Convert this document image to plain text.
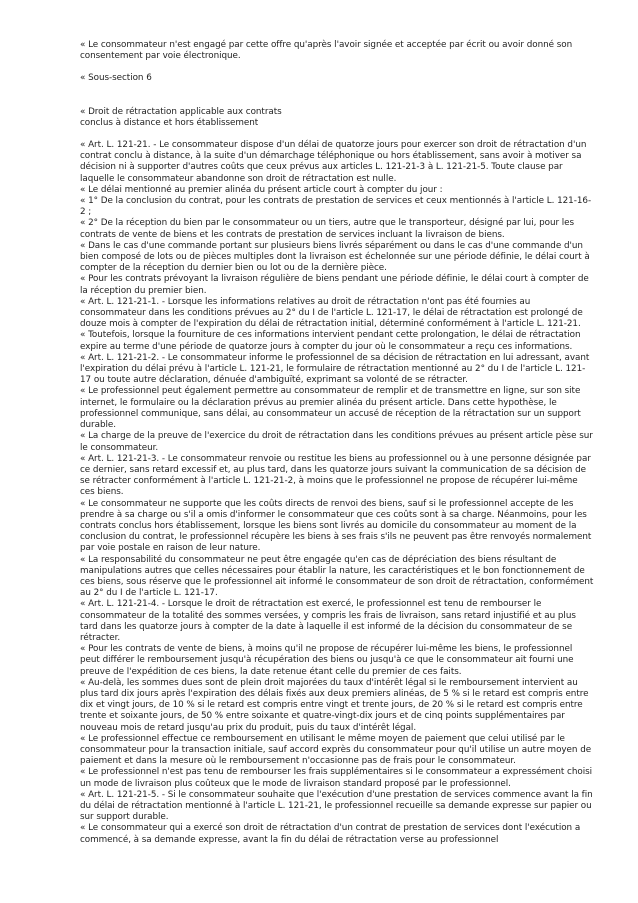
« Le consommateur n'est engagé par cette offre qu'après l'avoir signée et acceptée par écrit ou avoir donné son consentement par voie électronique.

« Sous-section 6

« Droit de rétractation applicable aux contrats conclus à distance et hors établissement

« Art. L. 121-21. - Le consommateur dispose d'un délai de quatorze jours pour exercer son droit de rétractation d'un contrat conclu à distance, à la suite d'un démarchage téléphonique ou hors établissement, sans avoir à motiver sa décision ni à supporter d'autres coûts que ceux prévus aux articles L. 121-21-3 à L. 121-21-5. Toute clause par laquelle le consommateur abandonne son droit de rétractation est nulle.

« Le délai mentionné au premier alinéa du présent article court à compter du jour :

« 1° De la conclusion du contrat, pour les contrats de prestation de services et ceux mentionnés à l'article L. 121-16-2 ;

« 2° De la réception du bien par le consommateur ou un tiers, autre que le transporteur, désigné par lui, pour les contrats de vente de biens et les contrats de prestation de services incluant la livraison de biens.

« Dans le cas d'une commande portant sur plusieurs biens livrés séparément ou dans le cas d'une commande d'un bien composé de lots ou de pièces multiples dont la livraison est échelonnée sur une période définie, le délai court à compter de la réception du dernier bien ou lot ou de la dernière pièce.

« Pour les contrats prévoyant la livraison régulière de biens pendant une période définie, le délai court à compter de la réception du premier bien.

« Art. L. 121-21-1. - Lorsque les informations relatives au droit de rétractation n'ont pas été fournies au consommateur dans les conditions prévues au 2° du I de l'article L. 121-17, le délai de rétractation est prolongé de douze mois à compter de l'expiration du délai de rétractation initial, déterminé conformément à l'article L. 121-21.

« Toutefois, lorsque la fourniture de ces informations intervient pendant cette prolongation, le délai de rétractation expire au terme d'une période de quatorze jours à compter du jour où le consommateur a reçu ces informations.

« Art. L. 121-21-2. - Le consommateur informe le professionnel de sa décision de rétractation en lui adressant, avant l'expiration du délai prévu à l'article L. 121-21, le formulaire de rétractation mentionné au 2° du I de l'article L. 121-17 ou toute autre déclaration, dénuée d'ambiguïté, exprimant sa volonté de se rétracter.

« Le professionnel peut également permettre au consommateur de remplir et de transmettre en ligne, sur son site internet, le formulaire ou la déclaration prévus au premier alinéa du présent article. Dans cette hypothèse, le professionnel communique, sans délai, au consommateur un accusé de réception de la rétractation sur un support durable.

« La charge de la preuve de l'exercice du droit de rétractation dans les conditions prévues au présent article pèse sur le consommateur.

« Art. L. 121-21-3. - Le consommateur renvoie ou restitue les biens au professionnel ou à une personne désignée par ce dernier, sans retard excessif et, au plus tard, dans les quatorze jours suivant la communication de sa décision de se rétracter conformément à l'article L. 121-21-2, à moins que le professionnel ne propose de récupérer lui-même ces biens.

« Le consommateur ne supporte que les coûts directs de renvoi des biens, sauf si le professionnel accepte de les prendre à sa charge ou s'il a omis d'informer le consommateur que ces coûts sont à sa charge. Néanmoins, pour les contrats conclus hors établissement, lorsque les biens sont livrés au domicile du consommateur au moment de la conclusion du contrat, le professionnel récupère les biens à ses frais s'ils ne peuvent pas être renvoyés normalement par voie postale en raison de leur nature.

« La responsabilité du consommateur ne peut être engagée qu'en cas de dépréciation des biens résultant de manipulations autres que celles nécessaires pour établir la nature, les caractéristiques et le bon fonctionnement de ces biens, sous réserve que le professionnel ait informé le consommateur de son droit de rétractation, conformément au 2° du I de l'article L. 121-17.

« Art. L. 121-21-4. - Lorsque le droit de rétractation est exercé, le professionnel est tenu de rembourser le consommateur de la totalité des sommes versées, y compris les frais de livraison, sans retard injustifié et au plus tard dans les quatorze jours à compter de la date à laquelle il est informé de la décision du consommateur de se rétracter.

« Pour les contrats de vente de biens, à moins qu'il ne propose de récupérer lui-même les biens, le professionnel peut différer le remboursement jusqu'à récupération des biens ou jusqu'à ce que le consommateur ait fourni une preuve de l'expédition de ces biens, la date retenue étant celle du premier de ces faits.

« Au-delà, les sommes dues sont de plein droit majorées du taux d'intérêt légal si le remboursement intervient au plus tard dix jours après l'expiration des délais fixés aux deux premiers alinéas, de 5 % si le retard est compris entre dix et vingt jours, de 10 % si le retard est compris entre vingt et trente jours, de 20 % si le retard est compris entre trente et soixante jours, de 50 % entre soixante et quatre-vingt-dix jours et de cinq points supplémentaires par nouveau mois de retard jusqu'au prix du produit, puis du taux d'intérêt légal.

« Le professionnel effectue ce remboursement en utilisant le même moyen de paiement que celui utilisé par le consommateur pour la transaction initiale, sauf accord exprès du consommateur pour qu'il utilise un autre moyen de paiement et dans la mesure où le remboursement n'occasionne pas de frais pour le consommateur.

« Le professionnel n'est pas tenu de rembourser les frais supplémentaires si le consommateur a expressément choisi un mode de livraison plus coûteux que le mode de livraison standard proposé par le professionnel.

« Art. L. 121-21-5. - Si le consommateur souhaite que l'exécution d'une prestation de services commence avant la fin du délai de rétractation mentionné à l'article L. 121-21, le professionnel recueille sa demande expresse sur papier ou sur support durable.

« Le consommateur qui a exercé son droit de rétractation d'un contrat de prestation de services dont l'exécution a commencé, à sa demande expresse, avant la fin du délai de rétractation verse au professionnel
